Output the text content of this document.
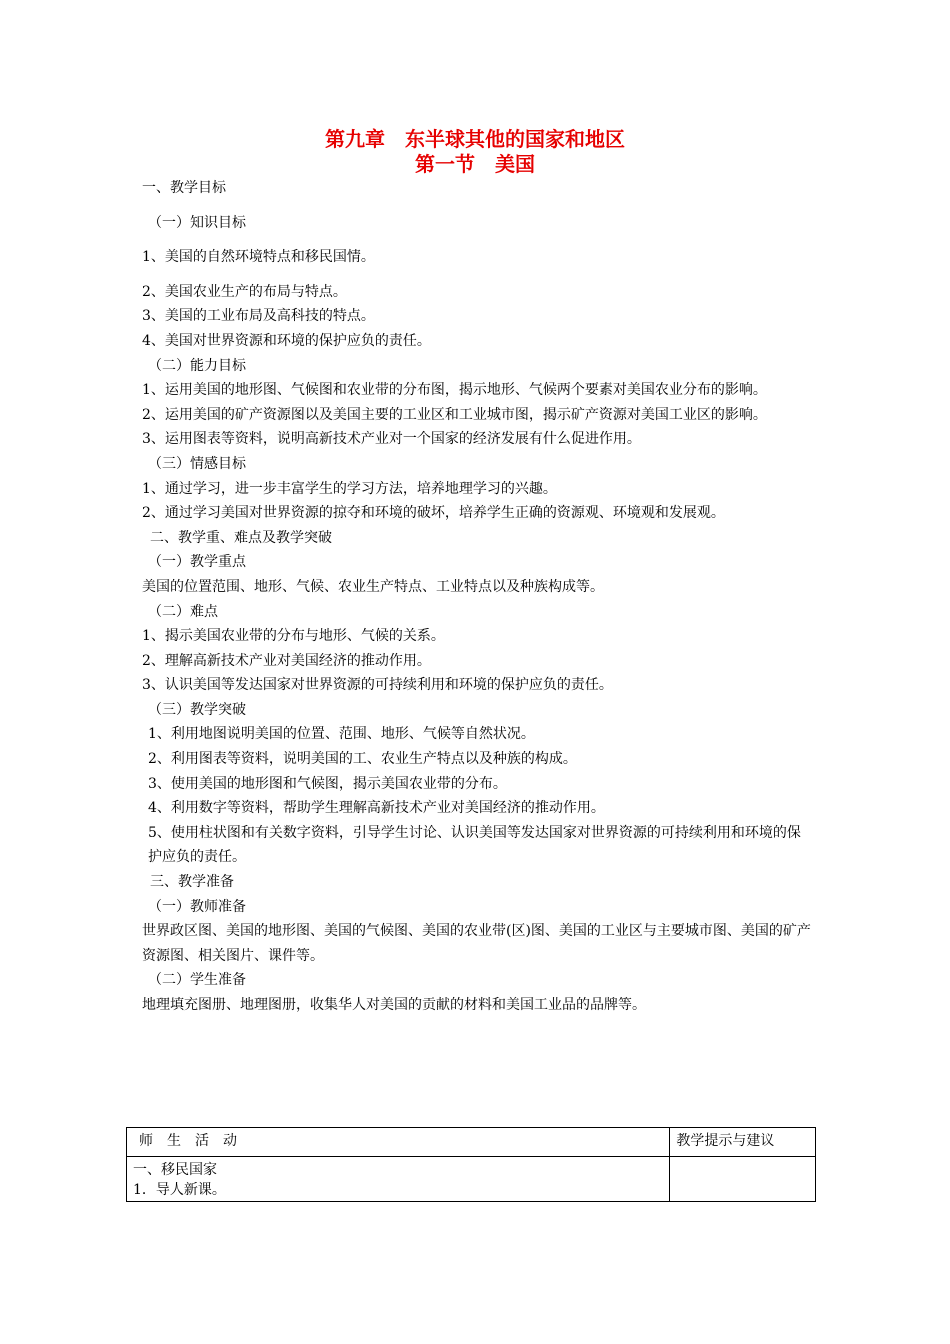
第九章　东半球其他的国家和地区
第一节　美国

一、教学目标

（一）知识目标

1、美国的自然环境特点和移民国情。

2、美国农业生产的布局与特点。

3、美国的工业布局及高科技的特点。

4、美国对世界资源和环境的保护应负的责任。

（二）能力目标

1、运用美国的地形图、气候图和农业带的分布图，揭示地形、气候两个要素对美国农业分布的影响。

2、运用美国的矿产资源图以及美国主要的工业区和工业城市图，揭示矿产资源对美国工业区的影响。

3、运用图表等资料，说明高新技术产业对一个国家的经济发展有什么促进作用。

（三）情感目标

1、通过学习，进一步丰富学生的学习方法，培养地理学习的兴趣。

2、通过学习美国对世界资源的掠夺和环境的破坏，培养学生正确的资源观、环境观和发展观。

二、教学重、难点及教学突破

（一）教学重点

美国的位置范围、地形、气候、农业生产特点、工业特点以及种族构成等。

（二）难点

1、揭示美国农业带的分布与地形、气候的关系。

2、理解高新技术产业对美国经济的推动作用。

3、认识美国等发达国家对世界资源的可持续利用和环境的保护应负的责任。

（三）教学突破

1、利用地图说明美国的位置、范围、地形、气候等自然状况。

2、利用图表等资料，说明美国的工、农业生产特点以及种族的构成。

3、使用美国的地形图和气候图，揭示美国农业带的分布。

4、利用数字等资料，帮助学生理解高新技术产业对美国经济的推动作用。

5、使用柱状图和有关数字资料，引导学生讨论、认识美国等发达国家对世界资源的可持续利用和环境的保护应负的责任。

三、教学准备

（一）教师准备

世界政区图、美国的地形图、美国的气候图、美国的农业带(区)图、美国的工业区与主要城市图、美国的矿产资源图、相关图片、课件等。

（二）学生准备

地理填充图册、地理图册，收集华人对美国的贡献的材料和美国工业品的品牌等。

师　生　活　动	教学提示与建议

一、移民国家
1．导人新课。	
